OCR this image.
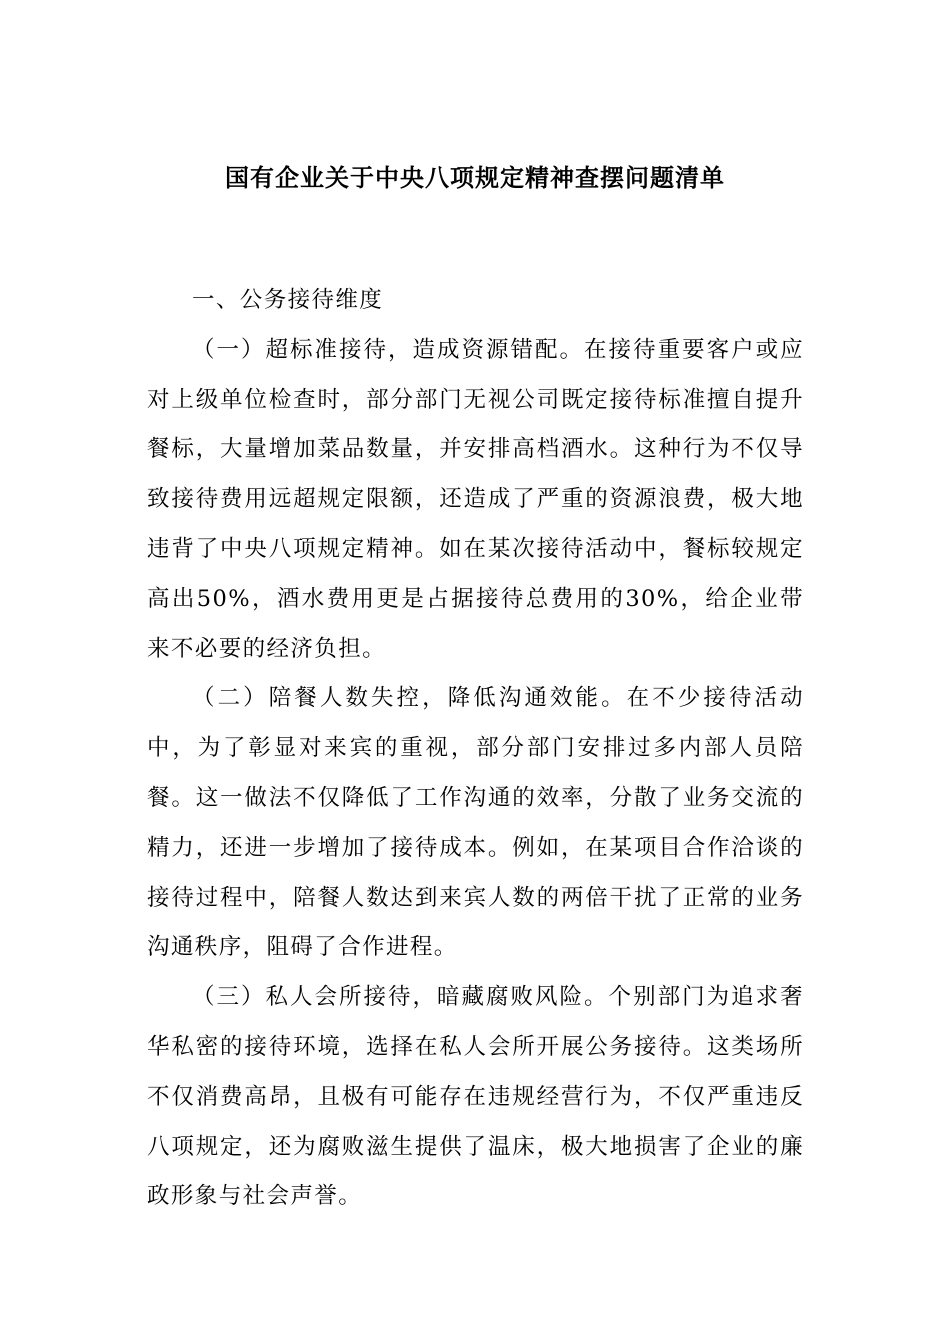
国有企业关于中央八项规定精神查摆问题清单

一、公务接待维度

（一）超标准接待，造成资源错配。在接待重要客户或应对上级单位检查时，部分部门无视公司既定接待标准擅自提升餐标，大量增加菜品数量，并安排高档酒水。这种行为不仅导致接待费用远超规定限额，还造成了严重的资源浪费，极大地违背了中央八项规定精神。如在某次接待活动中，餐标较规定高出50%，酒水费用更是占据接待总费用的30%，给企业带来不必要的经济负担。

（二）陪餐人数失控，降低沟通效能。在不少接待活动中，为了彰显对来宾的重视，部分部门安排过多内部人员陪餐。这一做法不仅降低了工作沟通的效率，分散了业务交流的精力，还进一步增加了接待成本。例如，在某项目合作洽谈的接待过程中，陪餐人数达到来宾人数的两倍干扰了正常的业务沟通秩序，阻碍了合作进程。

（三）私人会所接待，暗藏腐败风险。个别部门为追求奢华私密的接待环境，选择在私人会所开展公务接待。这类场所不仅消费高昂，且极有可能存在违规经营行为，不仅严重违反八项规定，还为腐败滋生提供了温床，极大地损害了企业的廉政形象与社会声誉。
